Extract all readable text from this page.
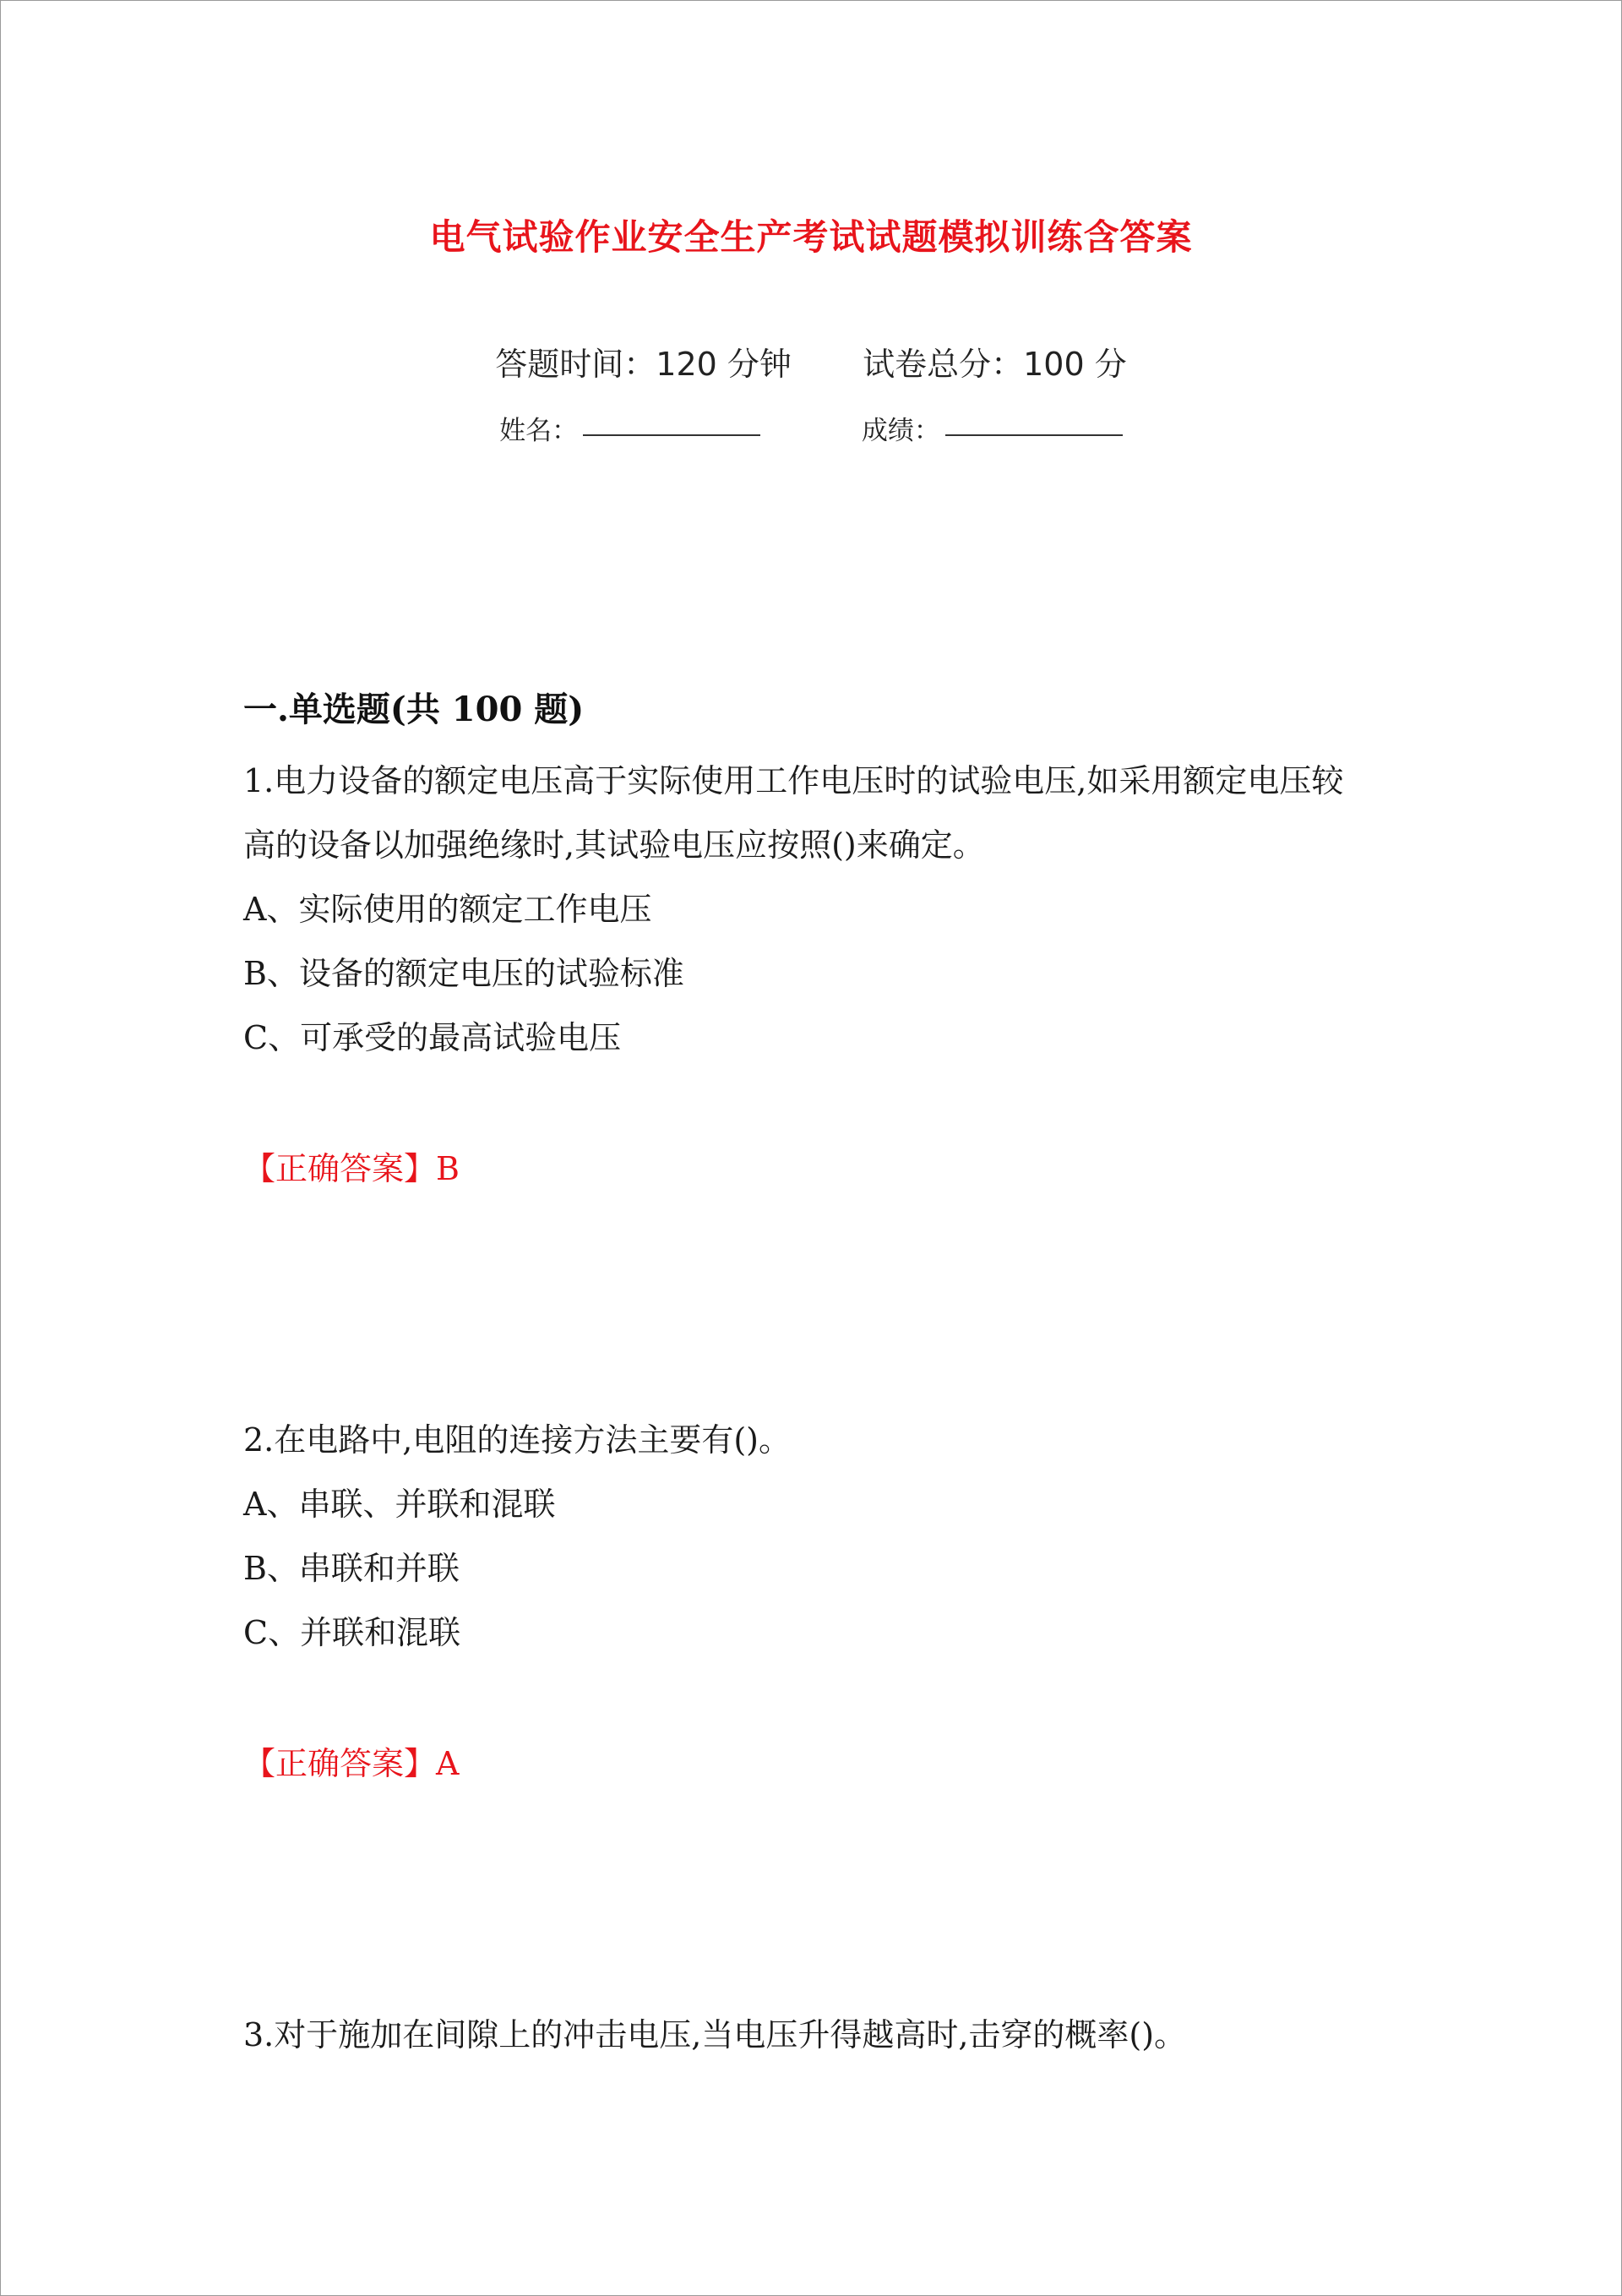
电气试验作业安全生产考试试题模拟训练含答案
答题时间：120 分钟 试卷总分：100 分
姓名：	成绩：
一.单选题(共 100 题)
1.电力设备的额定电压高于实际使用工作电压时的试验电压,如采用额定电压较
高的设备以加强绝缘时,其试验电压应按照()来确定。
A、实际使用的额定工作电压
B、设备的额定电压的试验标准
C、可承受的最高试验电压
【正确答案】B
2.在电路中,电阻的连接方法主要有()。
A、串联、并联和混联
B、串联和并联
C、并联和混联
【正确答案】A
3.对于施加在间隙上的冲击电压,当电压升得越高时,击穿的概率()。
